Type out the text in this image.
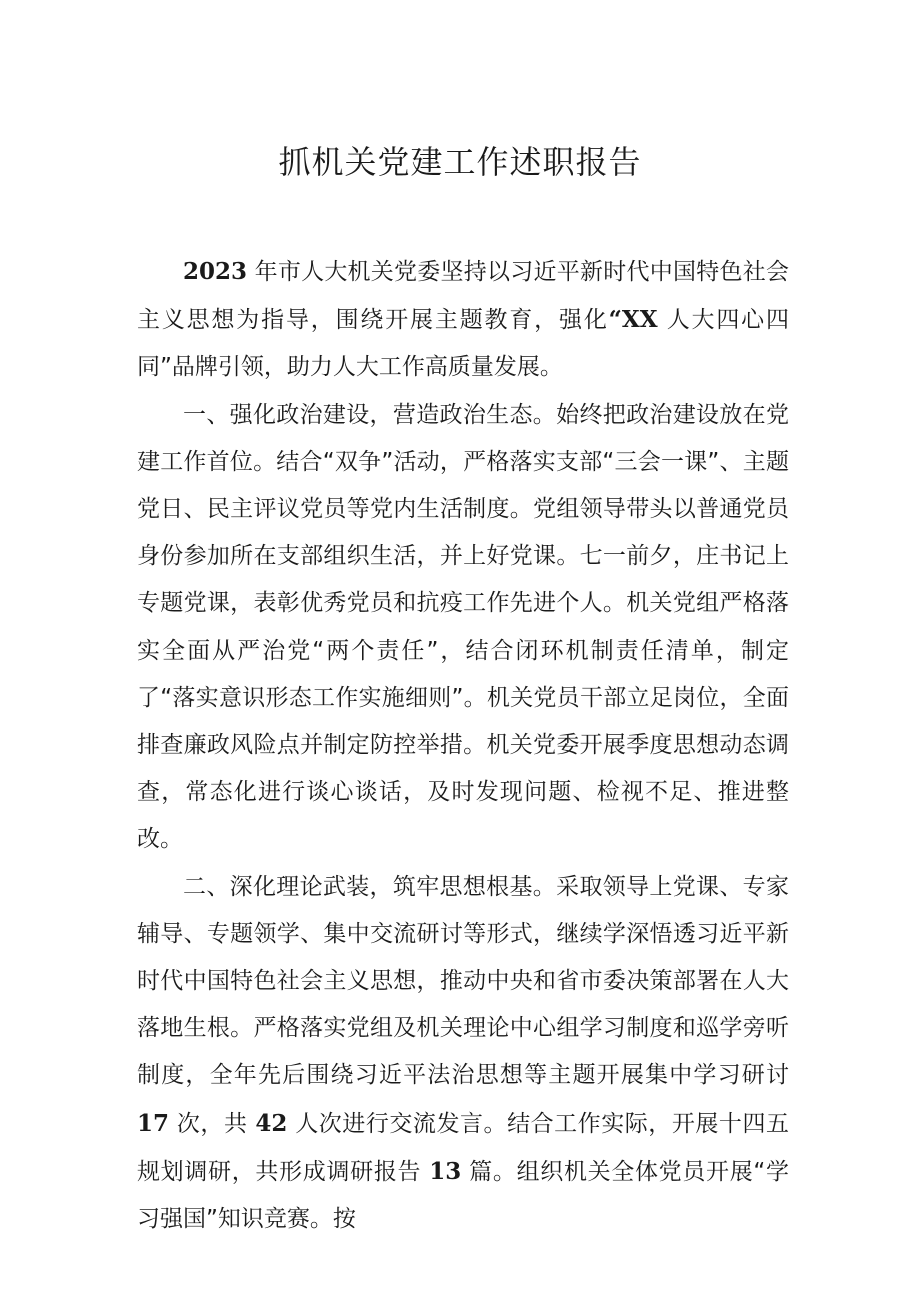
抓机关党建工作述职报告

2023 年市人大机关党委坚持以习近平新时代中国特色社会主义思想为指导，围绕开展主题教育，强化“XX 人大四心四同”品牌引领，助力人大工作高质量发展。

一、强化政治建设，营造政治生态。始终把政治建设放在党建工作首位。结合“双争”活动，严格落实支部“三会一课”、主题党日、民主评议党员等党内生活制度。党组领导带头以普通党员身份参加所在支部组织生活，并上好党课。七一前夕，庄书记上专题党课，表彰优秀党员和抗疫工作先进个人。机关党组严格落实全面从严治党“两个责任”，结合闭环机制责任清单，制定了“落实意识形态工作实施细则”。机关党员干部立足岗位，全面排查廉政风险点并制定防控举措。机关党委开展季度思想动态调查，常态化进行谈心谈话，及时发现问题、检视不足、推进整改。

二、深化理论武装，筑牢思想根基。采取领导上党课、专家辅导、专题领学、集中交流研讨等形式，继续学深悟透习近平新时代中国特色社会主义思想，推动中央和省市委决策部署在人大落地生根。严格落实党组及机关理论中心组学习制度和巡学旁听制度，全年先后围绕习近平法治思想等主题开展集中学习研讨 17 次，共 42 人次进行交流发言。结合工作实际，开展十四五规划调研，共形成调研报告 13 篇。组织机关全体党员开展“学习强国”知识竞赛。按
